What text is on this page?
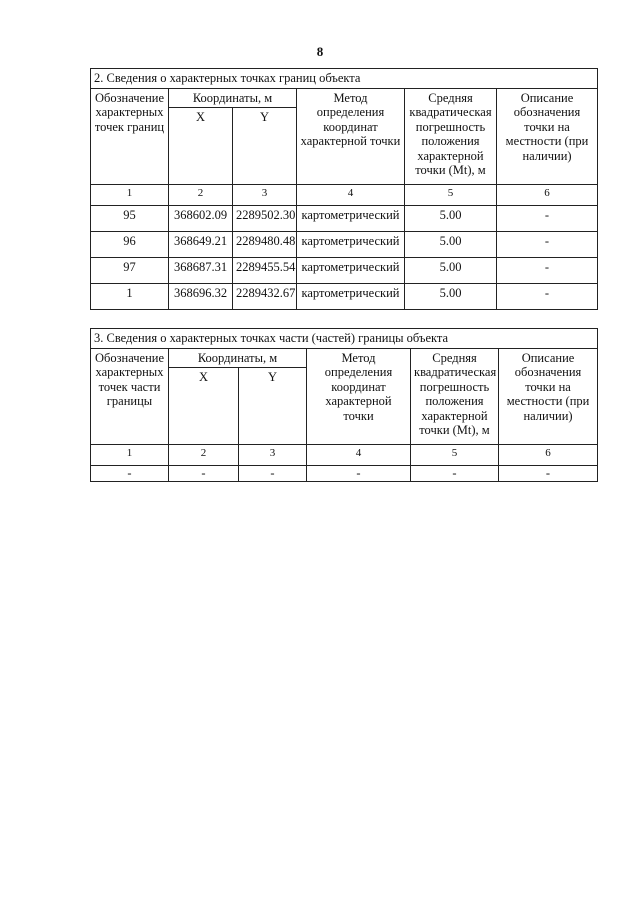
8
2. Сведения о характерных точках границ объекта					
Обозначение характерных точек границ	Координаты, м		Метод определения координат характерной точки	Средняя квадратическая погрешность положения характерной точки (Mt), м	Описание обозначения точки на местности (при наличии)
	X	Y			
1	2	3	4	5	6
95	368602.09	2289502.30	картометрический	5.00	-
96	368649.21	2289480.48	картометрический	5.00	-
97	368687.31	2289455.54	картометрический	5.00	-
1	368696.32	2289432.67	картометрический	5.00	-
3. Сведения о характерных точках части (частей) границы объекта					
Обозначение характерных точек части границы	Координаты, м		Метод определения координат характерной точки	Средняя квадратическая погрешность положения характерной точки (Mt), м	Описание обозначения точки на местности (при наличии)
	X	Y			
1	2	3	4	5	6
-	-	-	-	-	-
